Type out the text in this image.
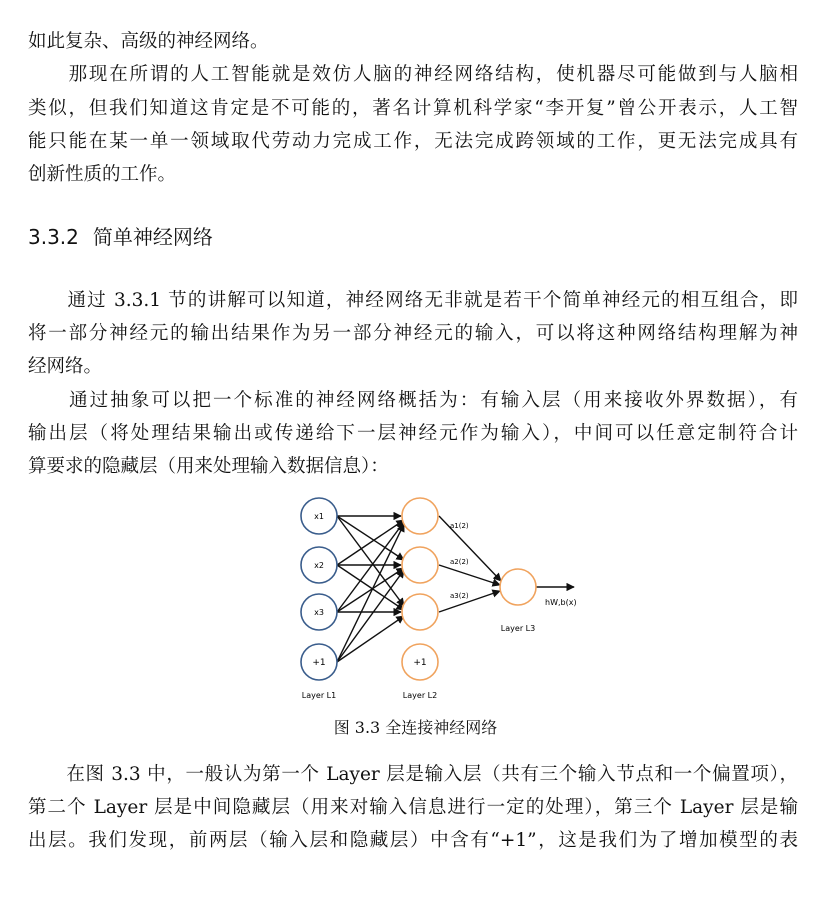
如此复杂、高级的神经网络。
　　那现在所谓的人工智能就是效仿人脑的神经网络结构，使机器尽可能做到与人脑相
类似，但我们知道这肯定是不可能的，著名计算机科学家“李开复”曾公开表示，人工智
能只能在某一单一领域取代劳动力完成工作，无法完成跨领域的工作，更无法完成具有
创新性质的工作。
3.3.2 简单神经网络
　　通过 3.3.1 节的讲解可以知道，神经网络无非就是若干个简单神经元的相互组合，即
将一部分神经元的输出结果作为另一部分神经元的输入，可以将这种网络结构理解为神
经网络。
　　通过抽象可以把一个标准的神经网络概括为：有输入层（用来接收外界数据），有
输出层（将处理结果输出或传递给下一层神经元作为输入），中间可以任意定制符合计
算要求的隐藏层（用来处理输入数据信息）：
x1
x2
x3
+1	+1
a1(2)
a2(2)
a3(2)
hW,b(x)
Layer L1	Layer L2
Layer L3
图 3.3 全连接神经网络
　　在图 3.3 中，一般认为第一个 Layer 层是输入层（共有三个输入节点和一个偏置项），
第二个 Layer 层是中间隐藏层（用来对输入信息进行一定的处理），第三个 Layer 层是输
出层。我们发现，前两层（输入层和隐藏层）中含有“+1”，这是我们为了增加模型的表
